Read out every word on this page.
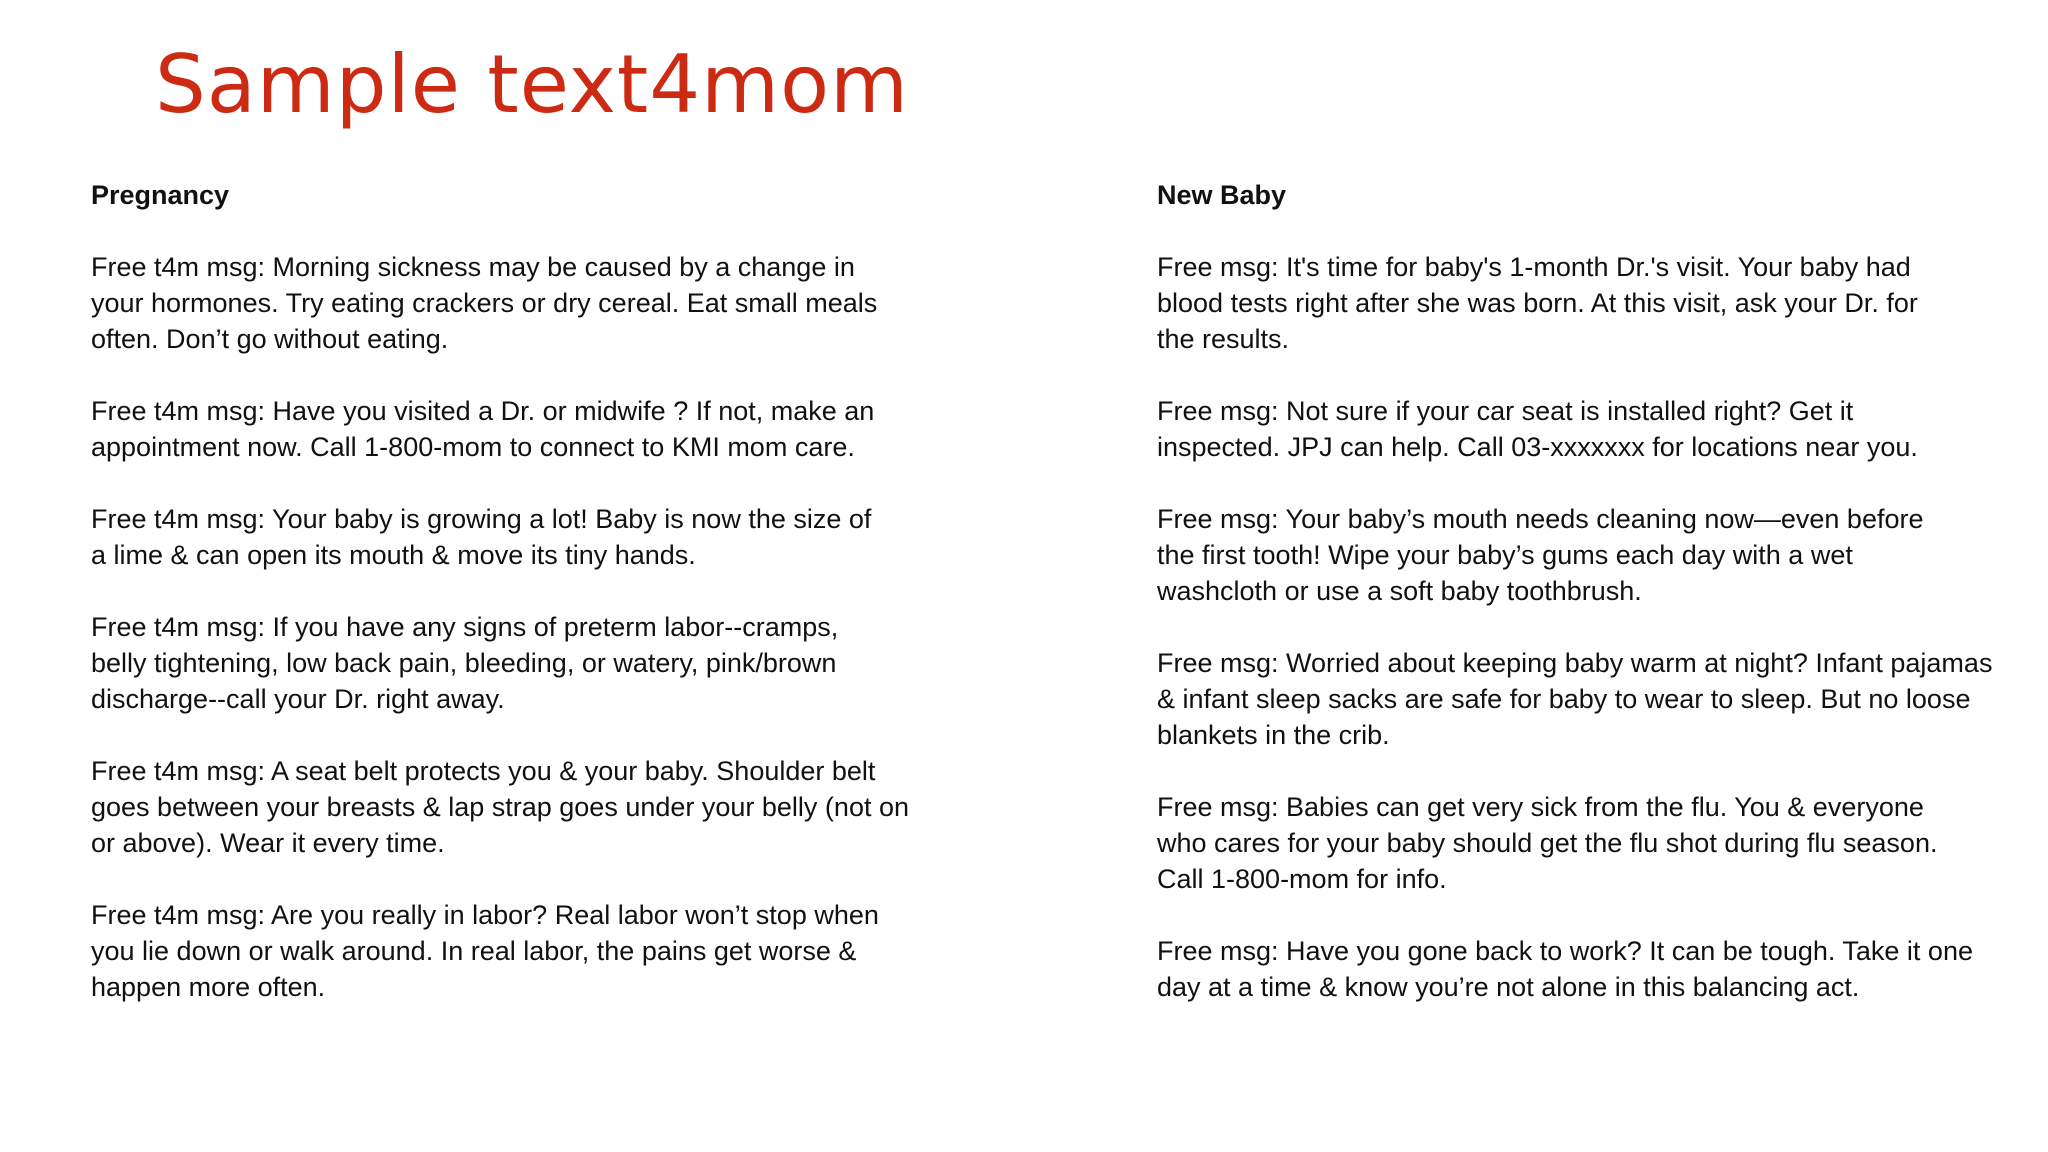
Sample text4mom

Pregnancy

Free t4m msg: Morning sickness may be caused by a change in your hormones. Try eating crackers or dry cereal. Eat small meals often. Don’t go without eating.

Free t4m msg: Have you visited a Dr. or midwife ? If not, make an appointment now. Call 1-800-mom to connect to KMI mom care.

Free t4m msg: Your baby is growing a lot! Baby is now the size of a lime & can open its mouth & move its tiny hands.

Free t4m msg: If you have any signs of preterm labor--cramps, belly tightening, low back pain, bleeding, or watery, pink/brown discharge--call your Dr. right away.

Free t4m msg: A seat belt protects you & your baby. Shoulder belt goes between your breasts & lap strap goes under your belly (not on or above). Wear it every time.

Free t4m msg: Are you really in labor? Real labor won’t stop when you lie down or walk around. In real labor, the pains get worse & happen more often.

New Baby

Free msg: It's time for baby's 1-month Dr.'s visit. Your baby had blood tests right after she was born. At this visit, ask your Dr. for the results.

Free msg: Not sure if your car seat is installed right? Get it inspected. JPJ can help. Call 03-xxxxxxx for locations near you.

Free msg: Your baby’s mouth needs cleaning now—even before the first tooth! Wipe your baby’s gums each day with a wet washcloth or use a soft baby toothbrush.

Free msg: Worried about keeping baby warm at night? Infant pajamas & infant sleep sacks are safe for baby to wear to sleep. But no loose blankets in the crib.

Free msg: Babies can get very sick from the flu. You & everyone who cares for your baby should get the flu shot during flu season. Call 1-800-mom for info.

Free msg: Have you gone back to work? It can be tough. Take it one day at a time & know you’re not alone in this balancing act.
